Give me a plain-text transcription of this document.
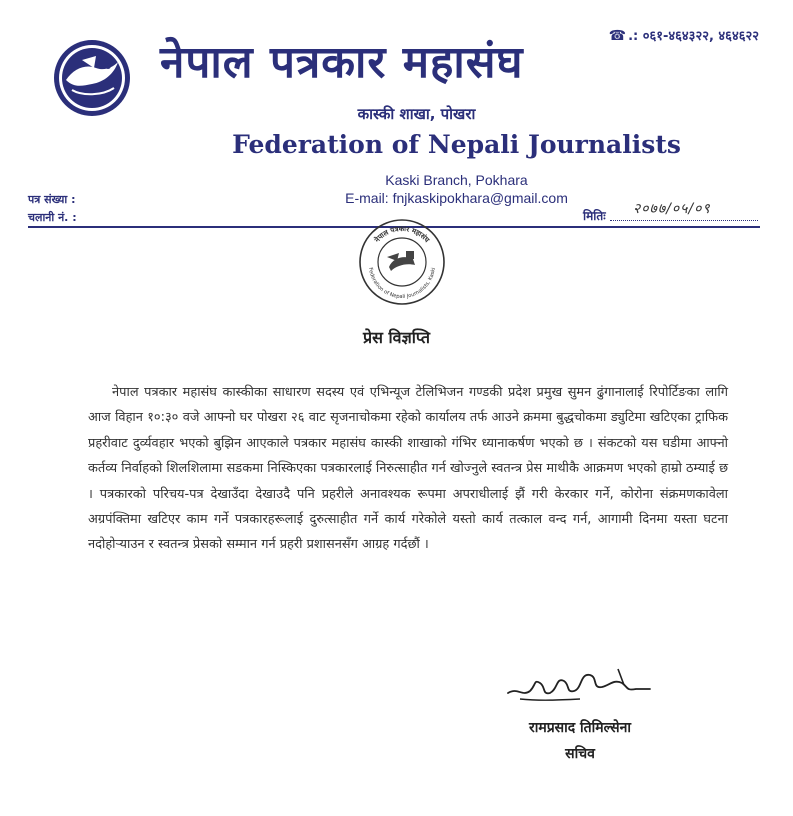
☎ .: ०६१-४६४३२२, ४६४६२२
नेपाल पत्रकार महासंघ
कास्की शाखा, पोखरा
Federation of Nepali Journalists
Kaski Branch, Pokhara
E-mail: fnjkaskipokhara@gmail.com
पत्र संख्या :
चलानी नं. :	मितिः २०७७/०५/०९
नेपाल पत्रकार महासंघ
Federation of Nepali Journalists, Kaski
प्रेस विज्ञप्ति
नेपाल पत्रकार महासंघ कास्कीका साधारण सदस्य एवं एभिन्यूज टेलिभिजन गण्डकी प्रदेश प्रमुख सुमन ढुंगानालाई रिपोर्टिङका लागि आज विहान १०:३० वजे आफ्नो घर पोखरा २६ वाट सृजनाचोकमा रहेको कार्यालय तर्फ आउने क्रममा बुद्धचोकमा ड्युटिमा खटिएका ट्राफिक प्रहरीवाट दुर्व्यवहार भएको बुझिन आएकाले पत्रकार महासंघ कास्की शाखाको गंभिर ध्यानाकर्षण भएको छ । संकटको यस घडीमा आफ्नो कर्तव्य निर्वाहको शिलशिलामा सडकमा निस्किएका पत्रकारलाई निरुत्साहीत गर्न खोज्नुले स्वतन्त्र प्रेस माथीकै आक्रमण भएको हाम्रो ठम्याई छ । पत्रकारको परिचय-पत्र देखाउँदा देखाउदै पनि प्रहरीले अनावश्यक रूपमा अपराधीलाई झैं गरी केरकार गर्ने, कोरोना संक्रमणकावेला अग्रपंक्तिमा खटिएर काम गर्ने पत्रकारहरूलाई दुरुत्साहीत गर्ने कार्य गरेकोले यस्तो कार्य तत्काल वन्द गर्न, आगामी दिनमा यस्ता घटना नदोहोऱ्याउन र स्वतन्त्र प्रेसको सम्मान गर्न प्रहरी प्रशासनसँग आग्रह गर्दछौं ।
रामप्रसाद तिमिल्सेना
सचिव
